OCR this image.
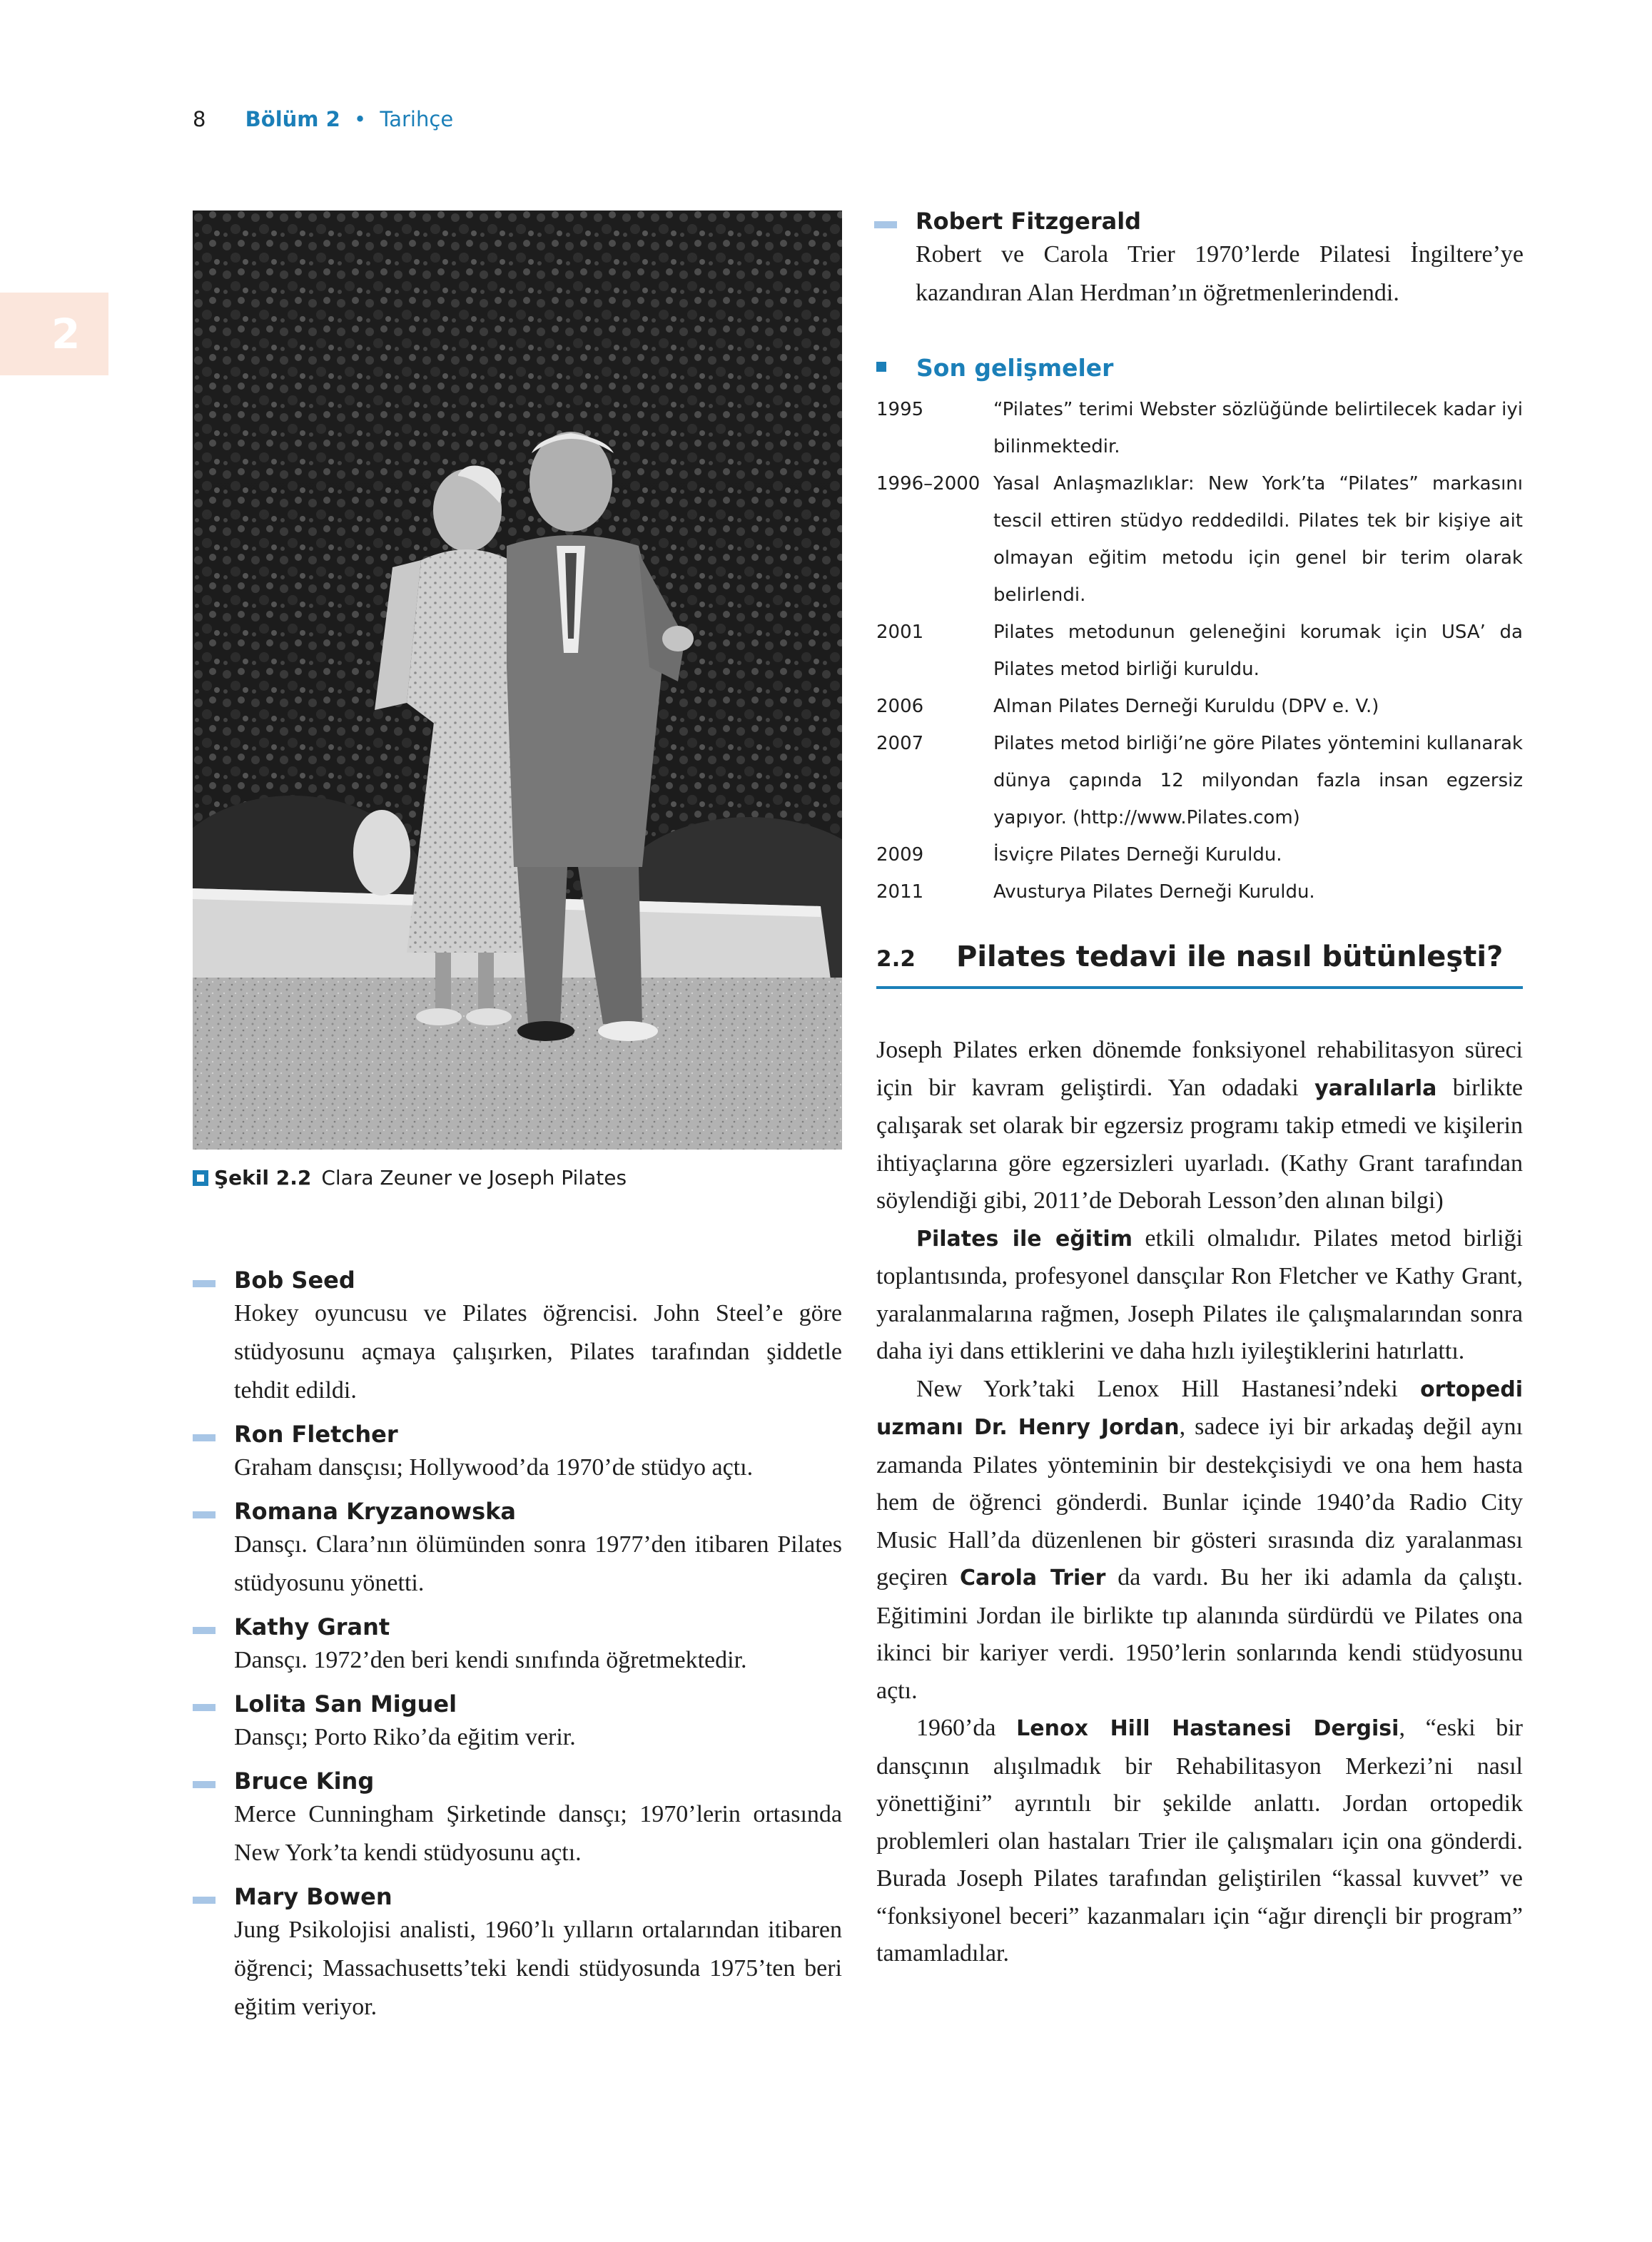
8 Bölüm 2 • Tarihçe
2
Şekil 2.2 Clara Zeuner ve Joseph Pilates
Robert Fitzgerald
Robert ve Carola Trier 1970’lerde Pilatesi İngiltere’ye kazandıran Alan Herdman’ın öğretmenlerindendi.
Son gelişmeler
1995	“Pilates” terimi Webster sözlüğünde belirtilecek kadar iyi bilinmektedir.
1996–2000 Yasal Anlaşmazlıklar: New York’ta “Pilates” markasını tescil ettiren stüdyo reddedildi. Pilates tek bir kişiye ait olmayan eğitim metodu için genel bir terim olarak belirlendi.
2001	Pilates metodunun geleneğini korumak için USA’ da Pilates metod birliği kuruldu.
2006	Alman Pilates Derneği Kuruldu (DPV e. V.)
2007	Pilates metod birliği’ne göre Pilates yöntemini kullanarak dünya çapında 12 milyondan fazla insan egzersiz yapıyor. (http://www.Pilates.com)
2009	İsviçre Pilates Derneği Kuruldu.
2011	Avusturya Pilates Derneği Kuruldu.
2.2 Pilates tedavi ile nasıl bütünleşti?

Joseph Pilates erken dönemde fonksiyonel rehabilitasyon süreci için bir kavram geliştirdi. Yan odadaki yaralılarla birlikte çalışarak set olarak bir egzersiz programı takip etmedi ve kişilerin ihtiyaçlarına göre egzersizleri uyarladı. (Kathy Grant tarafından söylendiği gibi, 2011’de Deborah Lesson’den alınan bilgi)

Pilates ile eğitim etkili olmalıdır. Pilates metod birliği toplantısında, profesyonel dansçılar Ron Fletcher ve Kathy Grant, yaralanmalarına rağmen, Joseph Pilates ile çalışmalarından sonra daha iyi dans ettiklerini ve daha hızlı iyileştiklerini hatırlattı.

New York’taki Lenox Hill Hastanesi’ndeki ortopedi uzmanı Dr. Henry Jordan, sadece iyi bir arkadaş değil aynı zamanda Pilates yönteminin bir destekçisiydi ve ona hem hasta hem de öğrenci gönderdi. Bunlar içinde 1940’da Radio City Music Hall’da düzenlenen bir gösteri sırasında diz yaralanması geçiren Carola Trier da vardı. Bu her iki adamla da çalıştı. Eğitimini Jordan ile birlikte tıp alanında sürdürdü ve Pilates ona ikinci bir kariyer verdi. 1950’lerin sonlarında kendi stüdyosunu açtı.

1960’da Lenox Hill Hastanesi Dergisi, “eski bir dansçının alışılmadık bir Rehabilitasyon Merkezi’ni nasıl yönettiğini” ayrıntılı bir şekilde anlattı. Jordan ortopedik problemleri olan hastaları Trier ile çalışmaları için ona gönderdi. Burada Joseph Pilates tarafından geliştirilen “kassal kuvvet” ve “fonksiyonel beceri” kazanmaları için “ağır dirençli bir program” tamamladılar.

Bob Seed
Hokey oyuncusu ve Pilates öğrencisi. John Steel’e göre stüdyosunu açmaya çalışırken, Pilates tarafından şiddetle tehdit edildi.
Ron Fletcher
Graham dansçısı; Hollywood’da 1970’de stüdyo açtı.
Romana Kryzanowska
Dansçı. Clara’nın ölümünden sonra 1977’den itibaren Pilates stüdyosunu yönetti.
Kathy Grant
Dansçı. 1972’den beri kendi sınıfında öğretmektedir.
Lolita San Miguel
Dansçı; Porto Riko’da eğitim verir.
Bruce King
Merce Cunningham Şirketinde dansçı; 1970’lerin ortasında New York’ta kendi stüdyosunu açtı.
Mary Bowen
Jung Psikolojisi analisti, 1960’lı yılların ortalarından itibaren öğrenci; Massachusetts’teki kendi stüdyosunda 1975’ten beri eğitim veriyor.
